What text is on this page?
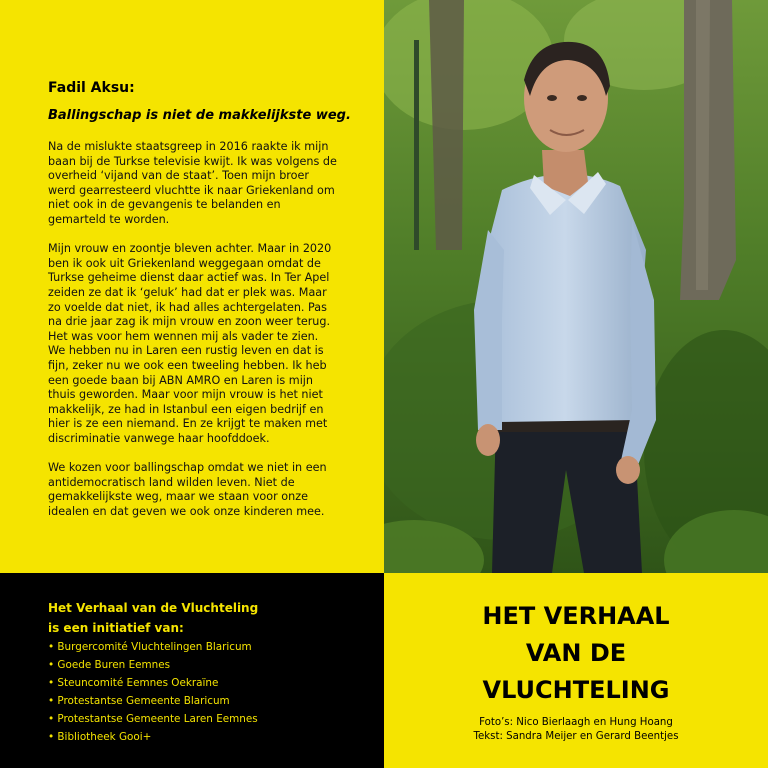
Fadil Aksu:
Ballingschap is niet de makkelijkste weg.

Na de mislukte staatsgreep in 2016 raakte ik mijn baan bij de Turkse televisie kwijt. Ik was volgens de overheid ‘vijand van de staat’. Toen mijn broer werd gearresteerd vluchtte ik naar Griekenland om niet ook in de gevangenis te belanden en gemarteld te worden.

Mijn vrouw en zoontje bleven achter. Maar in 2020 ben ik ook uit Griekenland weggegaan omdat de Turkse geheime dienst daar actief was. In Ter Apel zeiden ze dat ik ‘geluk’ had dat er plek was. Maar zo voelde dat niet, ik had alles achtergelaten. Pas na drie jaar zag ik mijn vrouw en zoon weer terug. Het was voor hem wennen mij als vader te zien. We hebben nu in Laren een rustig leven en dat is fijn, zeker nu we ook een tweeling hebben. Ik heb een goede baan bij ABN AMRO en Laren is mijn thuis geworden. Maar voor mijn vrouw is het niet makkelijk, ze had in Istanbul een eigen bedrijf en hier is ze een niemand. En ze krijgt te maken met discriminatie vanwege haar hoofddoek.

We kozen voor ballingschap omdat we niet in een antidemocratisch land wilden leven. Niet de gemakkelijkste weg, maar we staan voor onze idealen en dat geven we ook onze kinderen mee.

Het Verhaal van de Vluchteling
is een initiatief van:
• Burgercomité Vluchtelingen Blaricum
• Goede Buren Eemnes
• Steuncomité Eemnes Oekraïne
• Protestantse Gemeente Blaricum
• Protestantse Gemeente Laren Eemnes
• Bibliotheek Gooi+
HET VERHAAL
VAN DE
VLUCHTELING
Foto’s: Nico Bierlaagh en Hung Hoang
Tekst: Sandra Meijer en Gerard Beentjes
